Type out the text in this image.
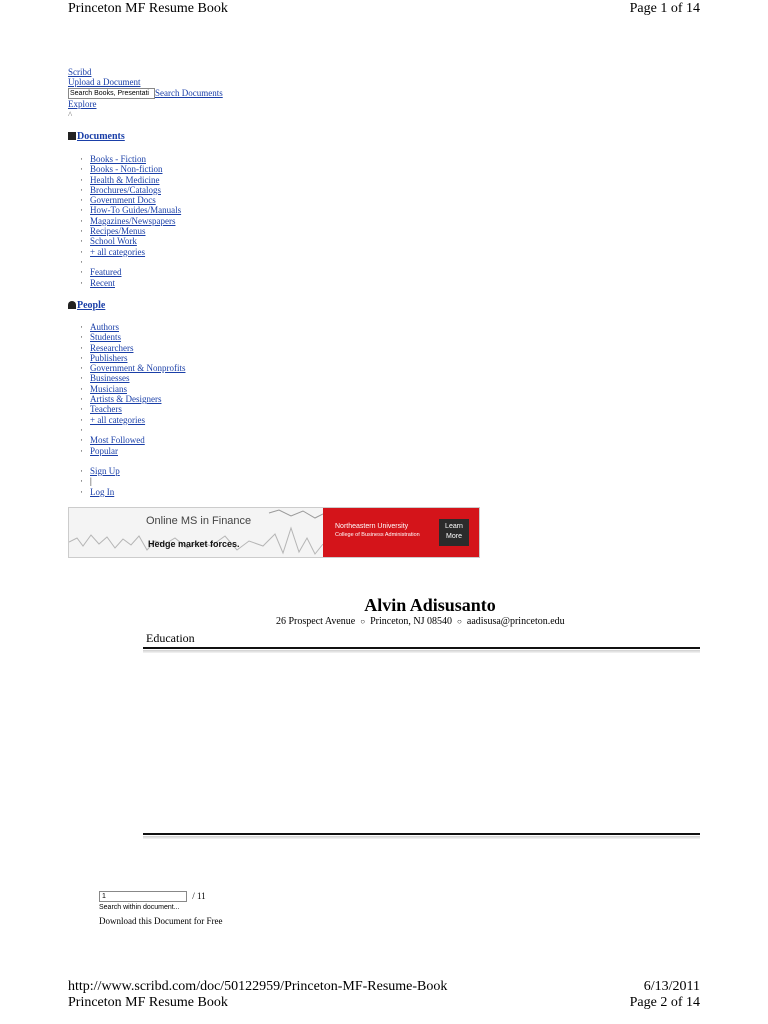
Princeton MF Resume Book	Page 1 of 14
Scribd
Upload a Document
Search Books, Presentati Search Documents
Explore
^
Documents
· Books - Fiction
· Books - Non-fiction
· Health & Medicine
· Brochures/Catalogs
· Government Docs
· How-To Guides/Manuals
· Magazines/Newspapers
· Recipes/Menus
· School Work
· + all categories
·
· Featured
· Recent
People
· Authors
· Students
· Researchers
· Publishers
· Government & Nonprofits
· Businesses
· Musicians
· Artists & Designers
· Teachers
· + all categories
·
· Most Followed
· Popular
· Sign Up
· |
· Log In
Online MS in Finance
Hedge market forces.
Northeastern University
College of Business Administration
Learn More
Alvin Adisusanto
26 Prospect Avenue ○ Princeton, NJ 08540 ○ aadisusa@princeton.edu
Education
1	/ 11
Search within document...
Download this Document for Free
http://www.scribd.com/doc/50122959/Princeton-MF-Resume-Book	6/13/2011
Princeton MF Resume Book	Page 2 of 14
